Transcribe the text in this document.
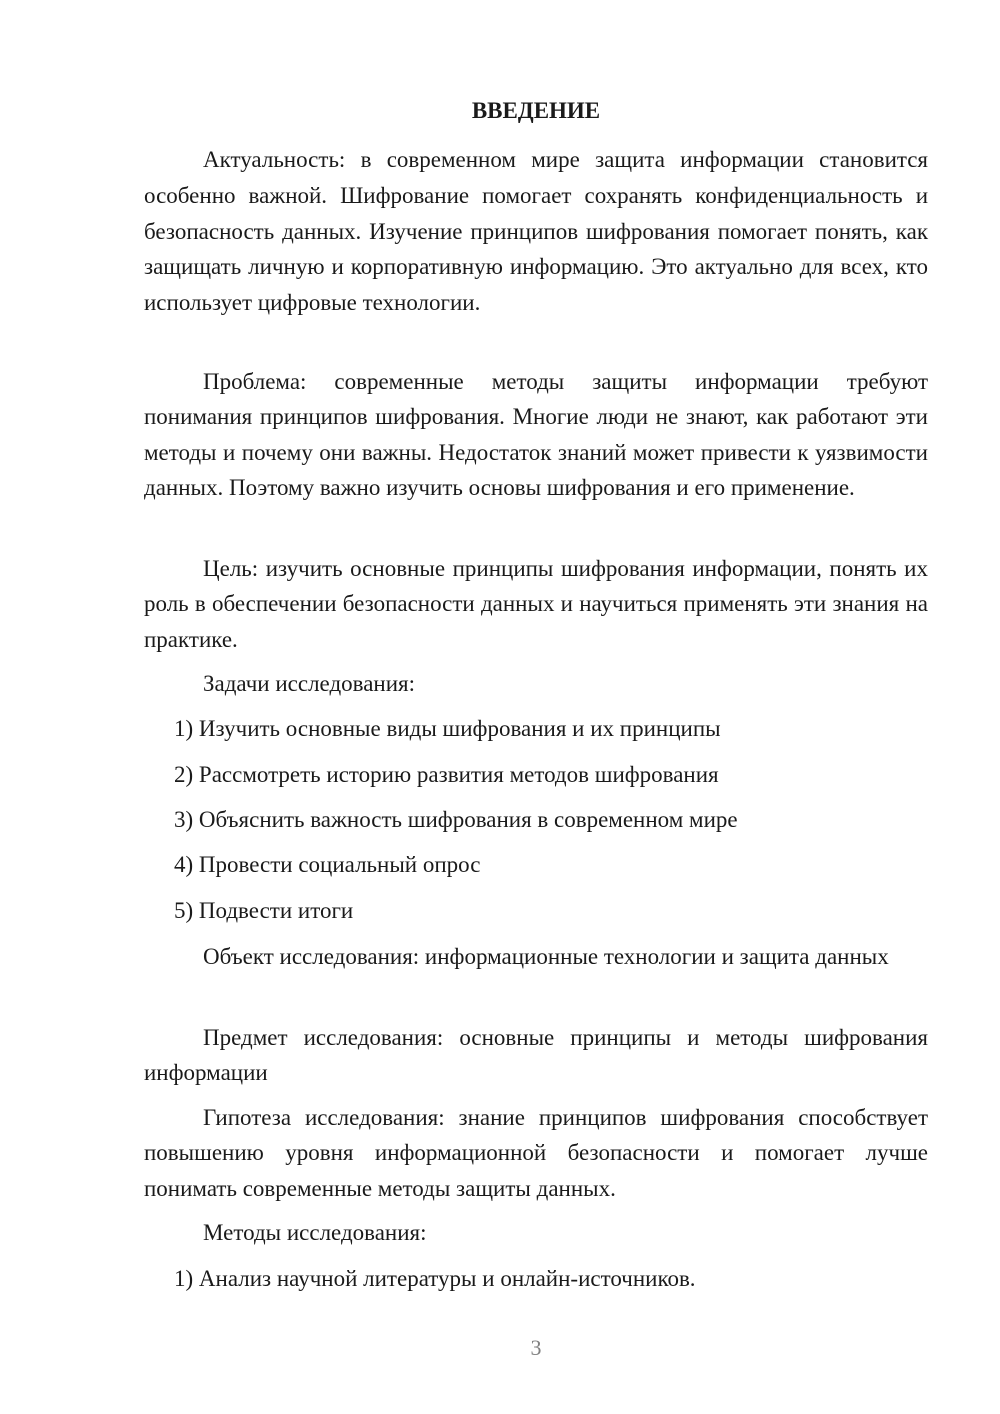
ВВЕДЕНИЕ

Актуальность: в современном мире защита информации становится особенно важной. Шифрование помогает сохранять конфиденциальность и безопасность данных. Изучение принципов шифрования помогает понять, как защищать личную и корпоративную информацию. Это актуально для всех, кто использует цифровые технологии.

Проблема: современные методы защиты информации требуют понимания принципов шифрования. Многие люди не знают, как работают эти методы и почему они важны. Недостаток знаний может привести к уязвимости данных. Поэтому важно изучить основы шифрования и его применение.

Цель: изучить основные принципы шифрования информации, понять их роль в обеспечении безопасности данных и научиться применять эти знания на практике.

Задачи исследования:

1) Изучить основные виды шифрования и их принципы

2) Рассмотреть историю развития методов шифрования

3) Объяснить важность шифрования в современном мире

4) Провести социальный опрос

5) Подвести итоги

Объект исследования: информационные технологии и защита данных

Предмет исследования: основные принципы и методы шифрования информации

Гипотеза исследования: знание принципов шифрования способствует повышению уровня информационной безопасности и помогает лучше понимать современные методы защиты данных.

Методы исследования:

1) Анализ научной литературы и онлайн-источников.

3
